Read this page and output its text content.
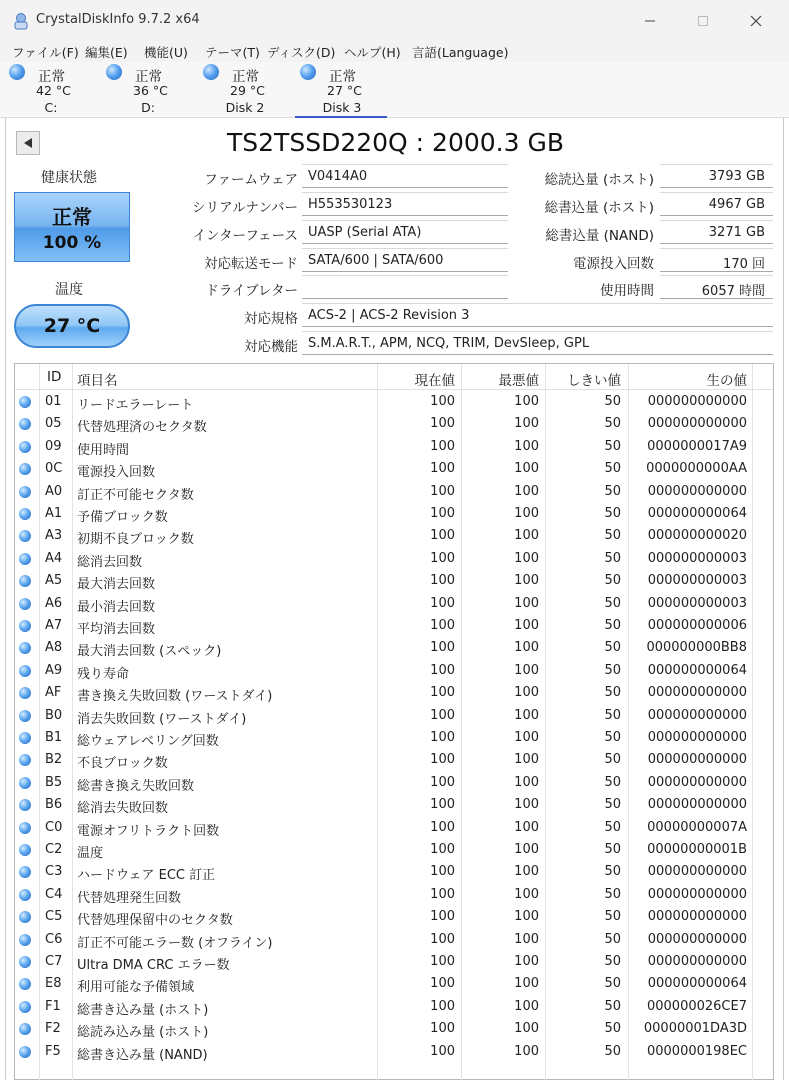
CrystalDiskInfo 9.7.2 x64
ファイル(F) 編集(E) 機能(U) テーマ(T) ディスク(D) ヘルプ(H) 言語(Language)
正常
42 °C
C:
正常
36 °C
D:
正常
29 °C
Disk 2
正常
27 °C
Disk 3
TS2TSSD220Q : 2000.3 GB
健康状態
正常
100 %
温度
27 °C
ファームウェア V0414A0
シリアルナンバー H553530123
インターフェース UASP (Serial ATA)
対応転送モード SATA/600 | SATA/600
ドライブレター
対応規格 ACS-2 | ACS-2 Revision 3
対応機能 S.M.A.R.T., APM, NCQ, TRIM, DevSleep, GPL
総読込量 (ホスト)	3793 GB
総書込量 (ホスト)	4967 GB
総書込量 (NAND)	3271 GB
電源投入回数	170 回
使用時間	6057 時間
ID 項目名	現在値	最悪値	しきい値	生の値
01 リードエラーレート	100	100	50	000000000000
05 代替処理済のセクタ数	100	100	50	000000000000
09 使用時間	100	100	50	0000000017A9
0C 電源投入回数	100	100	50	0000000000AA
A0 訂正不可能セクタ数	100	100	50	000000000000
A1 予備ブロック数	100	100	50	000000000064
A3 初期不良ブロック数	100	100	50	000000000020
A4 総消去回数	100	100	50	000000000003
A5 最大消去回数	100	100	50	000000000003
A6 最小消去回数	100	100	50	000000000003
A7 平均消去回数	100	100	50	000000000006
A8 最大消去回数 (スペック)	100	100	50	000000000BB8
A9 残り寿命	100	100	50	000000000064
AF 書き換え失敗回数 (ワーストダイ)	100	100	50	000000000000
B0 消去失敗回数 (ワーストダイ)	100	100	50	000000000000
B1 総ウェアレベリング回数	100	100	50	000000000000
B2 不良ブロック数	100	100	50	000000000000
B5 総書き換え失敗回数	100	100	50	000000000000
B6 総消去失敗回数	100	100	50	000000000000
C0 電源オフリトラクト回数	100	100	50	00000000007A
C2 温度	100	100	50	00000000001B
C3 ハードウェア ECC 訂正	100	100	50	000000000000
C4 代替処理発生回数	100	100	50	000000000000
C5 代替処理保留中のセクタ数	100	100	50	000000000000
C6 訂正不可能エラー数 (オフライン)	100	100	50	000000000000
C7 Ultra DMA CRC エラー数	100	100	50	000000000000
E8 利用可能な予備領域	100	100	50	000000000064
F1 総書き込み量 (ホスト)	100	100	50	000000026CE7
F2 総読み込み量 (ホスト)	100	100	50	00000001DA3D
F5 総書き込み量 (NAND)	100	100	50	0000000198EC
